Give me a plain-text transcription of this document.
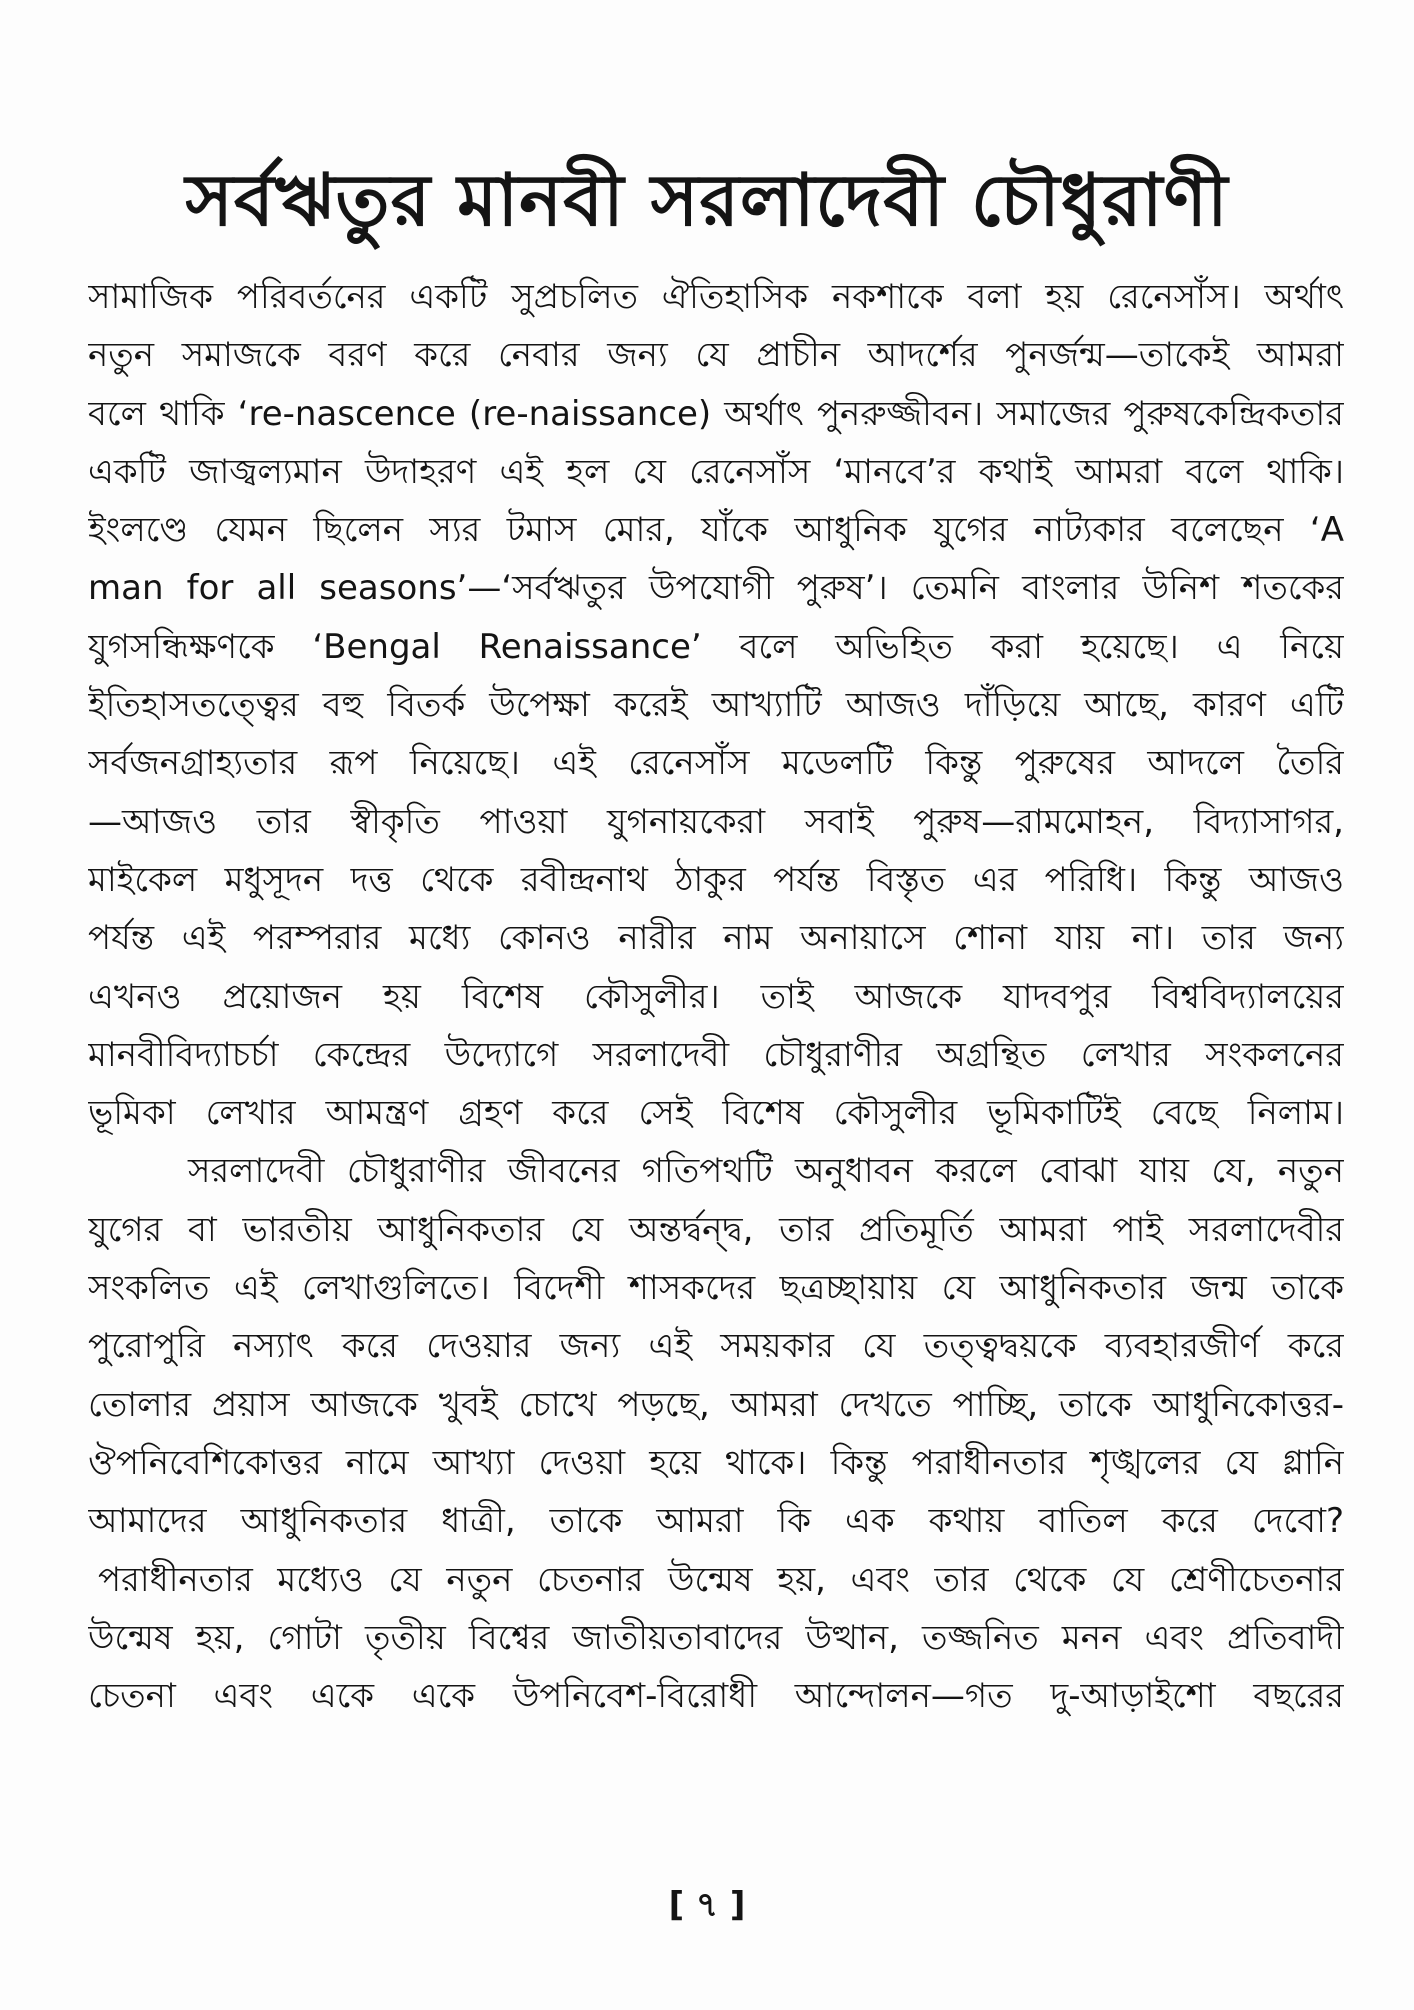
সর্বঋতুর মানবী সরলাদেবী চৌধুরাণী
সামাজিক পরিবর্তনের একটি সুপ্রচলিত ঐতিহাসিক নকশাকে বলা হয় রেনেসাঁস। অর্থাৎ
নতুন সমাজকে বরণ করে নেবার জন্য যে প্রাচীন আদর্শের পুনর্জন্ম—তাকেই আমরা
বলে থাকি ‘re-nascence (re-naissance) অর্থাৎ পুনরুজ্জীবন। সমাজের পুরুষকেন্দ্রিকতার
একটি জাজ্বল্যমান উদাহরণ এই হল যে রেনেসাঁস ‘মানবে’র কথাই আমরা বলে থাকি।
ইংলণ্ডে যেমন ছিলেন স্যর টমাস মোর, যাঁকে আধুনিক যুগের নাট্যকার বলেছেন ‘A
man for all seasons’—‘সর্বঋতুর উপযোগী পুরুষ’। তেমনি বাংলার উনিশ শতকের
যুগসন্ধিক্ষণকে ‘Bengal Renaissance’ বলে অভিহিত করা হয়েছে। এ নিয়ে
ইতিহাসতত্ত্বের বহু বিতর্ক উপেক্ষা করেই আখ্যাটি আজও দাঁড়িয়ে আছে, কারণ এটি
সর্বজনগ্রাহ্যতার রূপ নিয়েছে। এই রেনেসাঁস মডেলটি কিন্তু পুরুষের আদলে তৈরি
—আজও তার স্বীকৃতি পাওয়া যুগনায়কেরা সবাই পুরুষ—রামমোহন, বিদ্যাসাগর,
মাইকেল মধুসূদন দত্ত থেকে রবীন্দ্রনাথ ঠাকুর পর্যন্ত বিস্তৃত এর পরিধি। কিন্তু আজও
পর্যন্ত এই পরম্পরার মধ্যে কোনও নারীর নাম অনায়াসে শোনা যায় না। তার জন্য
এখনও প্রয়োজন হয় বিশেষ কৌসুলীর। তাই আজকে যাদবপুর বিশ্ববিদ্যালয়ের
মানবীবিদ্যাচর্চা কেন্দ্রের উদ্যোগে সরলাদেবী চৌধুরাণীর অগ্রন্থিত লেখার সংকলনের
ভূমিকা লেখার আমন্ত্রণ গ্রহণ করে সেই বিশেষ কৌসুলীর ভূমিকাটিই বেছে নিলাম।
সরলাদেবী চৌধুরাণীর জীবনের গতিপথটি অনুধাবন করলে বোঝা যায় যে, নতুন
যুগের বা ভারতীয় আধুনিকতার যে অন্তর্দ্বন্দ্ব, তার প্রতিমূর্তি আমরা পাই সরলাদেবীর
সংকলিত এই লেখাগুলিতে। বিদেশী শাসকদের ছত্রচ্ছায়ায় যে আধুনিকতার জন্ম তাকে
পুরোপুরি নস্যাৎ করে দেওয়ার জন্য এই সময়কার যে তত্ত্বদ্বয়কে ব্যবহারজীর্ণ করে
তোলার প্রয়াস আজকে খুবই চোখে পড়ছে, আমরা দেখতে পাচ্ছি, তাকে আধুনিকোত্তর-
ঔপনিবেশিকোত্তর নামে আখ্যা দেওয়া হয়ে থাকে। কিন্তু পরাধীনতার শৃঙ্খলের যে গ্লানি
আমাদের আধুনিকতার ধাত্রী, তাকে আমরা কি এক কথায় বাতিল করে দেবো?
পরাধীনতার মধ্যেও যে নতুন চেতনার উন্মেষ হয়, এবং তার থেকে যে শ্রেণীচেতনার
উন্মেষ হয়, গোটা তৃতীয় বিশ্বের জাতীয়তাবাদের উত্থান, তজ্জনিত মনন এবং প্রতিবাদী
চেতনা এবং একে একে উপনিবেশ-বিরোধী আন্দোলন—গত দু-আড়াইশো বছরের
[ ৭ ]
